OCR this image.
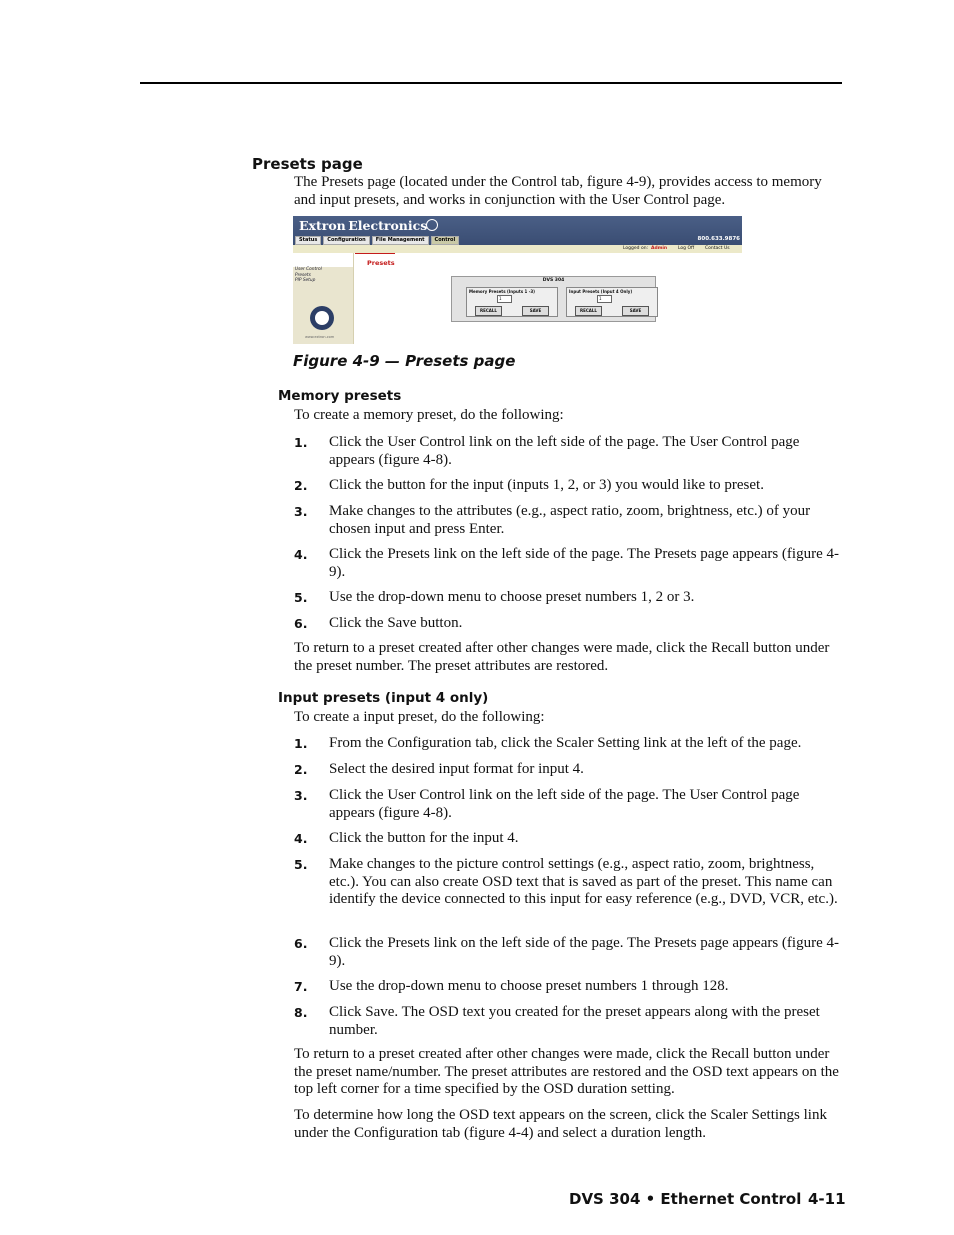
Presets page
The Presets page (located under the Control tab, figure 4-9), provides access to memory and input presets, and works in conjunction with the User Control page.
Extron Electronics
800.633.9876
Status	Configuration	File Management	Control
Logged on: Admin Log Off Contact Us
User Control
Presets
PIP Setup
www.extron.com
Presets
DVS 304
Memory Presets (Inputs 1 -3)
1
RECALL	SAVE
Input Presets (Input 4 Only)
1
RECALL	SAVE
Figure 4-9 — Presets page
Memory presets
To create a memory preset, do the following:
1. Click the User Control link on the left side of the page. The User Control page appears (figure 4-8).
2. Click the button for the input (inputs 1, 2, or 3) you would like to preset.
3. Make changes to the attributes (e.g., aspect ratio, zoom, brightness, etc.) of your chosen input and press Enter.
4. Click the Presets link on the left side of the page. The Presets page appears (figure 4-9).
5. Use the drop-down menu to choose preset numbers 1, 2 or 3.
6. Click the Save button.
To return to a preset created after other changes were made, click the Recall button under the preset number. The preset attributes are restored.
Input presets (input 4 only)
To create a input preset, do the following:
1. From the Configuration tab, click the Scaler Setting link at the left of the page.
2. Select the desired input format for input 4.
3. Click the User Control link on the left side of the page. The User Control page appears (figure 4-8).
4. Click the button for the input 4.
5. Make changes to the picture control settings (e.g., aspect ratio, zoom, brightness, etc.). You can also create OSD text that is saved as part of the preset. This name can identify the device connected to this input for easy reference (e.g., DVD, VCR, etc.).
6. Click the Presets link on the left side of the page. The Presets page appears (figure 4-9).
7. Use the drop-down menu to choose preset numbers 1 through 128.
8. Click Save. The OSD text you created for the preset appears along with the preset number.
To return to a preset created after other changes were made, click the Recall button under the preset name/number. The preset attributes are restored and the OSD text appears on the top left corner for a time specified by the OSD duration setting.
To determine how long the OSD text appears on the screen, click the Scaler Settings link under the Configuration tab (figure 4-4) and select a duration length.
DVS 304 • Ethernet Control 4-11
